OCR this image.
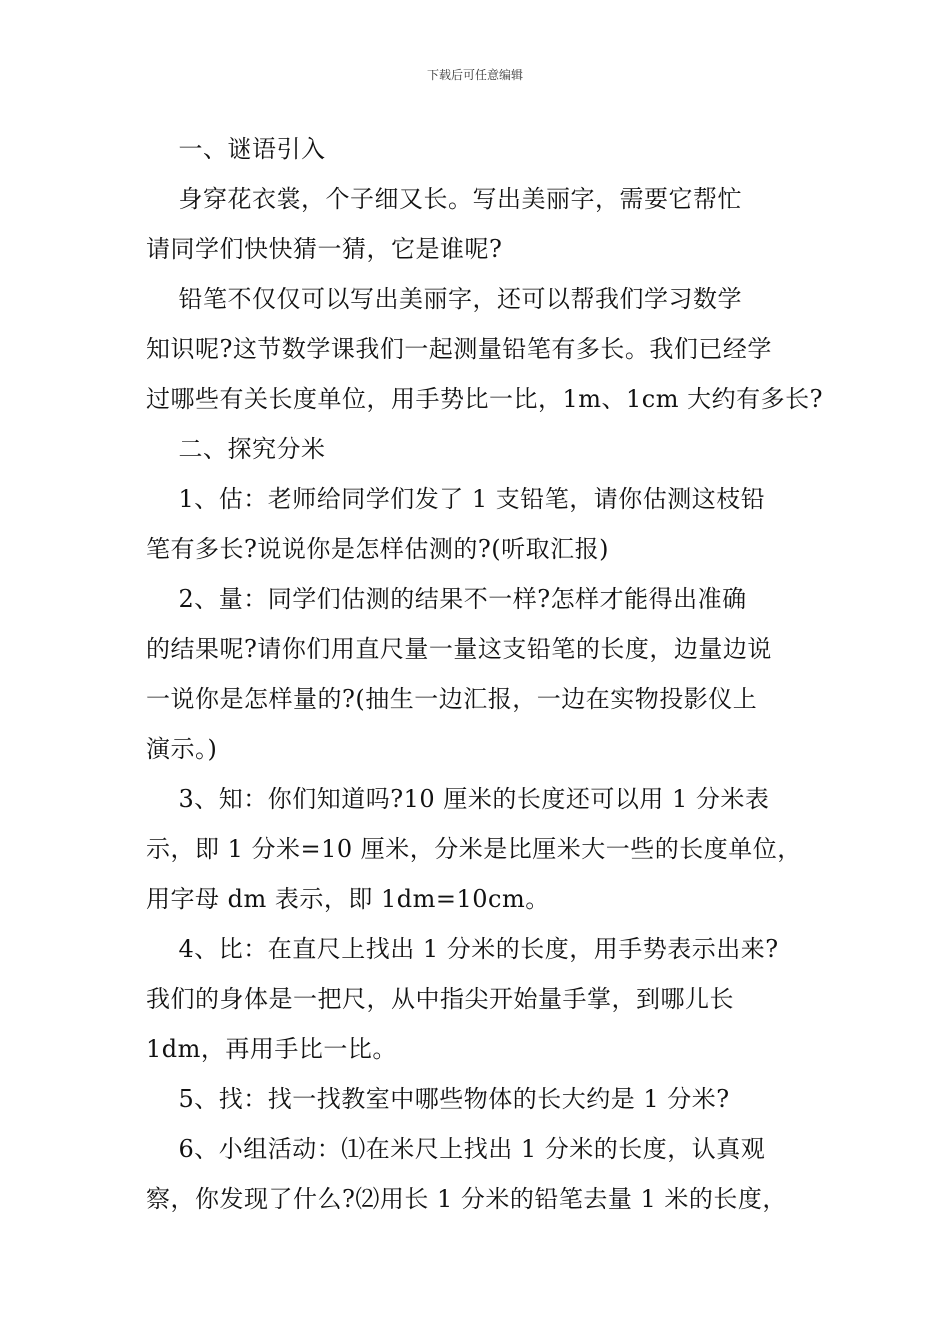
下载后可任意编辑
一、谜语引入
身穿花衣裳，个子细又长。写出美丽字，需要它帮忙
请同学们快快猜一猜，它是谁呢?
铅笔不仅仅可以写出美丽字，还可以帮我们学习数学
知识呢?这节数学课我们一起测量铅笔有多长。我们已经学
过哪些有关长度单位，用手势比一比，1m、1cm 大约有多长?
二、探究分米
1、估：老师给同学们发了 1 支铅笔，请你估测这枝铅
笔有多长?说说你是怎样估测的?(听取汇报)
2、量：同学们估测的结果不一样?怎样才能得出准确
的结果呢?请你们用直尺量一量这支铅笔的长度，边量边说
一说你是怎样量的?(抽生一边汇报，一边在实物投影仪上
演示。)
3、知：你们知道吗?10 厘米的长度还可以用 1 分米表
示，即 1 分米=10 厘米，分米是比厘米大一些的长度单位，
用字母 dm 表示，即 1dm=10cm。
4、比：在直尺上找出 1 分米的长度，用手势表示出来?
我们的身体是一把尺，从中指尖开始量手掌，到哪儿长
1dm，再用手比一比。
5、找：找一找教室中哪些物体的长大约是 1 分米?
6、小组活动：⑴在米尺上找出 1 分米的长度，认真观
察，你发现了什么?⑵用长 1 分米的铅笔去量 1 米的长度，
